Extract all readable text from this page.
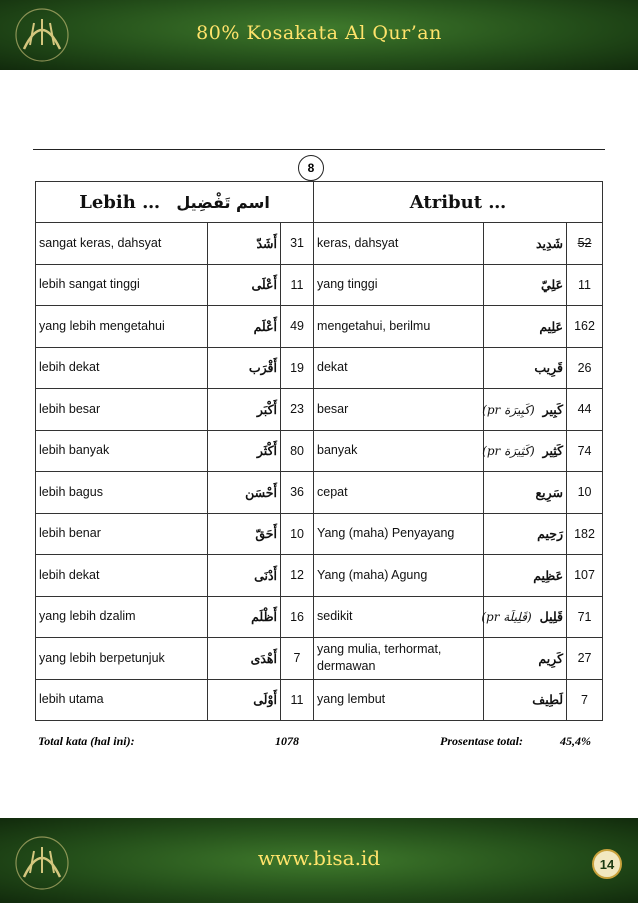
80% Kosakata Al Qur’an
8
Lebih … اسم تَفْضِيل			Atribut …		
sangat keras, dahsyat	أَشَدّ	31	keras, dahsyat	شَدِيد	52
lebih sangat tinggi	أَعْلَى	11	yang tinggi	عَلِيّ	11
yang lebih mengetahui	أَعْلَم	49	mengetahui, berilmu	عَلِيم	162
lebih dekat	أَقْرَب	19	dekat	قَرِيب	26
lebih besar	أَكْبَر	23	besar	كَبِير(كَبِيرَة pr)	44
lebih banyak	أَكْثَر	80	banyak	كَثِير(كَثِيرَة pr)	74
lebih bagus	أَحْسَن	36	cepat	سَرِيع	10
lebih benar	أَحَقّ	10	Yang (maha) Penyayang	رَحِيم	182
lebih dekat	أَدْنَى	12	Yang (maha) Agung	عَظِيم	107
yang lebih dzalim	أَظْلَم	16	sedikit	قَلِيل(قَلِيلَة pr)	71
yang lebih berpetunjuk	أَهْدَى	7	yang mulia, terhormat, dermawan	كَرِيم	27
lebih utama	أَوْلَى	11	yang lembut	لَطِيف	7
Total kata (hal ini):	1078	Prosentase total:	45,4%
www.bisa.id	14
